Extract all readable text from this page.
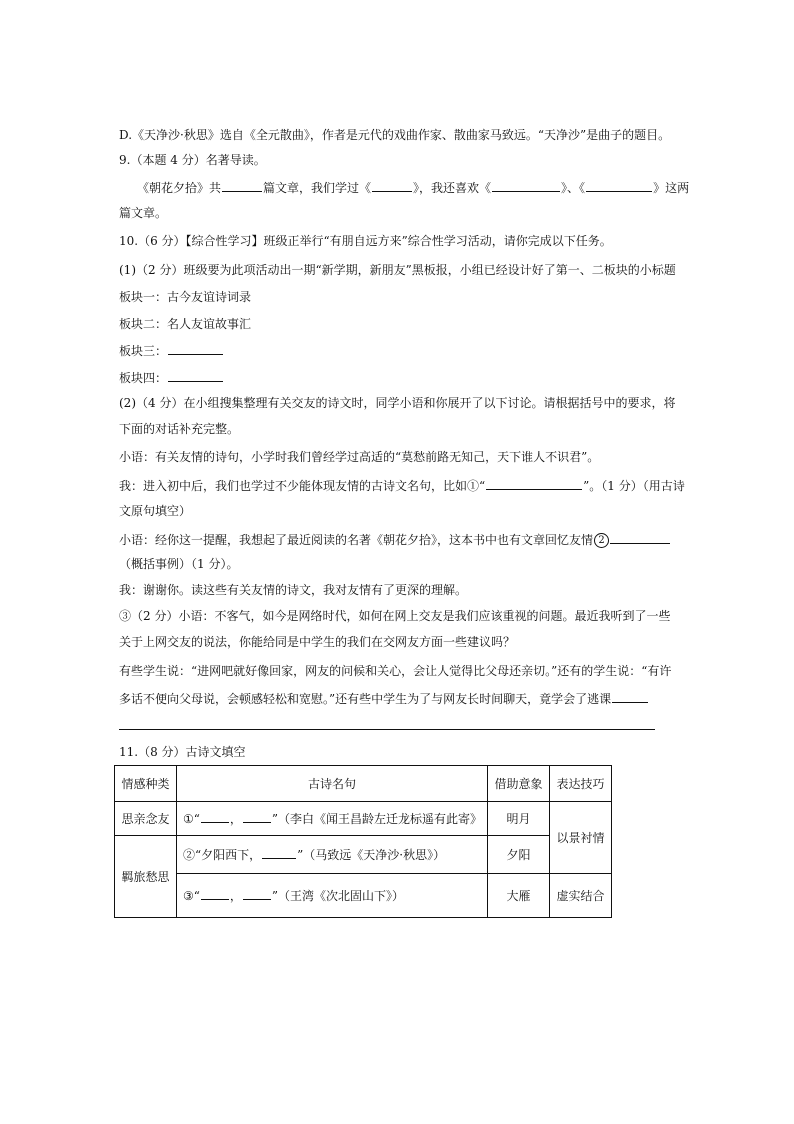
D.《天净沙·秋思》选自《全元散曲》，作者是元代的戏曲作家、散曲家马致远。“天净沙”是曲子的题目。
9.（本题 4 分）名著导读。
《朝花夕拾》共	篇文章，我们学过《	》，我还喜欢《	》、《	》这两
篇文章。
10.（6 分）【综合性学习】班级正举行“有朋自远方来”综合性学习活动，请你完成以下任务。
(1)（2 分）班级要为此项活动出一期“新学期，新朋友”黑板报，小组已经设计好了第一、二板块的小标题
板块一：古今友谊诗词录
板块二：名人友谊故事汇
板块三：
板块四：
(2)（4 分）在小组搜集整理有关交友的诗文时，同学小语和你展开了以下讨论。请根据括号中的要求，将
下面的对话补充完整。
小语：有关友情的诗句，小学时我们曾经学过高适的“莫愁前路无知己，天下谁人不识君”。
我：进入初中后，我们也学过不少能体现友情的古诗文名句，比如①“	”。（1 分）（用古诗
文原句填空）
小语：经你这一提醒，我想起了最近阅读的名著《朝花夕拾》，这本书中也有文章回忆友情 2
（概括事例）（1 分）。
我：谢谢你。读这些有关友情的诗文，我对友情有了更深的理解。
③（2 分）小语：不客气，如今是网络时代，如何在网上交友是我们应该重视的问题。最近我听到了一些
关于上网交友的说法，你能给同是中学生的我们在交网友方面一些建议吗？
有些学生说：“进网吧就好像回家，网友的问候和关心，会让人觉得比父母还亲切。”还有的学生说：“有许
多话不便向父母说，会顿感轻松和宽慰。”还有些中学生为了与网友长时间聊天，竟学会了逃课
11.（8 分）古诗文填空
情感种类	古诗名句	借助意象	表达技巧
思亲念友	①“ ， ”（李白《闻王昌龄左迁龙标遥有此寄》	明月	以景衬情
羁旅愁思	②“夕阳西下， ”（马致远《天净沙·秋思》）	夕阳	
	③“ ， ”（王湾《次北固山下》）	大雁	虚实结合
